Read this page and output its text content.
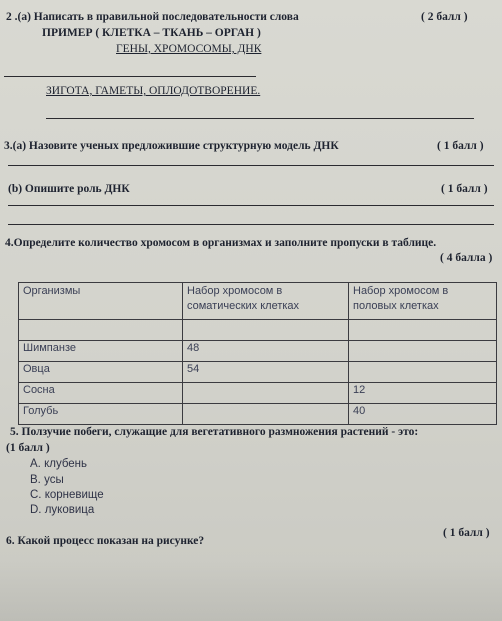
2 .(а) Написать в правильной последовательности слова	( 2 балл )
ПРИМЕР ( КЛЕТКА – ТКАНЬ – ОРГАН )
ГЕНЫ, ХРОМОСОМЫ, ДНК
ЗИГОТА, ГАМЕТЫ, ОПЛОДОТВОРЕНИЕ.
3.(а) Назовите ученых предложившие структурную модель ДНК	( 1 балл )
(b) Опишите роль ДНК	( 1 балл )
4.Определите количество хромосом в организмах и заполните пропуски в таблице.
( 4 балла )
Организмы	Набор хромосом в соматических клетках	Набор хромосом в половых клетках

Шимпанзе	48	
Овца	54	
Сосна		12
Голубь		40
5. Ползучие побеги, служащие для вегетативного размножения растений - это:
(1 балл )
A. клубень
B. усы
C. корневище
D. луковица
6. Какой процесс показан на рисунке?
( 1 балл )
